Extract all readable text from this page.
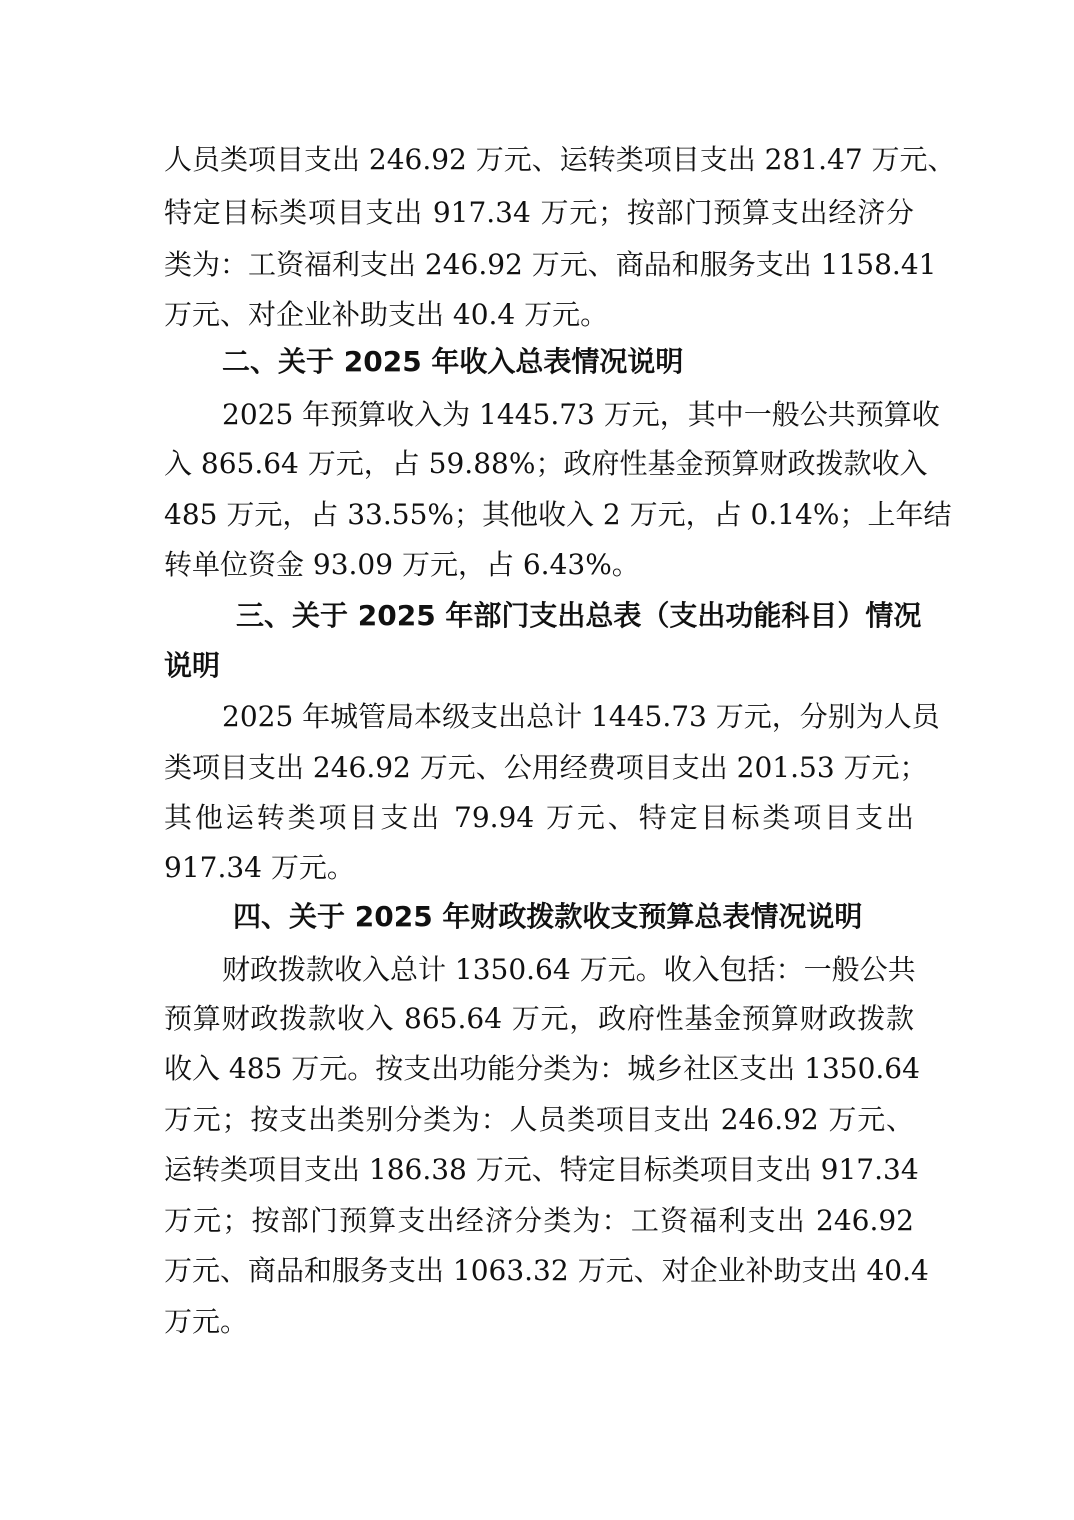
人员类项目支出 246.92 万元、运转类项目支出 281.47 万元、
特定目标类项目支出 917.34 万元；按部门预算支出经济分
类为：工资福利支出 246.92 万元、商品和服务支出 1158.41
万元、对企业补助支出 40.4 万元。
二、关于 2025 年收入总表情况说明
2025 年预算收入为 1445.73 万元，其中一般公共预算收
入 865.64 万元，占 59.88%；政府性基金预算财政拨款收入
485 万元，占 33.55%；其他收入 2 万元，占 0.14%；上年结
转单位资金 93.09 万元，占 6.43%。
三、关于 2025 年部门支出总表（支出功能科目）情况
说明
2025 年城管局本级支出总计 1445.73 万元，分别为人员
类项目支出 246.92 万元、公用经费项目支出 201.53 万元；
其他运转类项目支出 79.94 万元、特定目标类项目支出
917.34 万元。
四、关于 2025 年财政拨款收支预算总表情况说明
财政拨款收入总计 1350.64 万元。收入包括：一般公共
预算财政拨款收入 865.64 万元，政府性基金预算财政拨款
收入 485 万元。按支出功能分类为：城乡社区支出 1350.64
万元；按支出类别分类为：人员类项目支出 246.92 万元、
运转类项目支出 186.38 万元、特定目标类项目支出 917.34
万元；按部门预算支出经济分类为：工资福利支出 246.92
万元、商品和服务支出 1063.32 万元、对企业补助支出 40.4
万元。
